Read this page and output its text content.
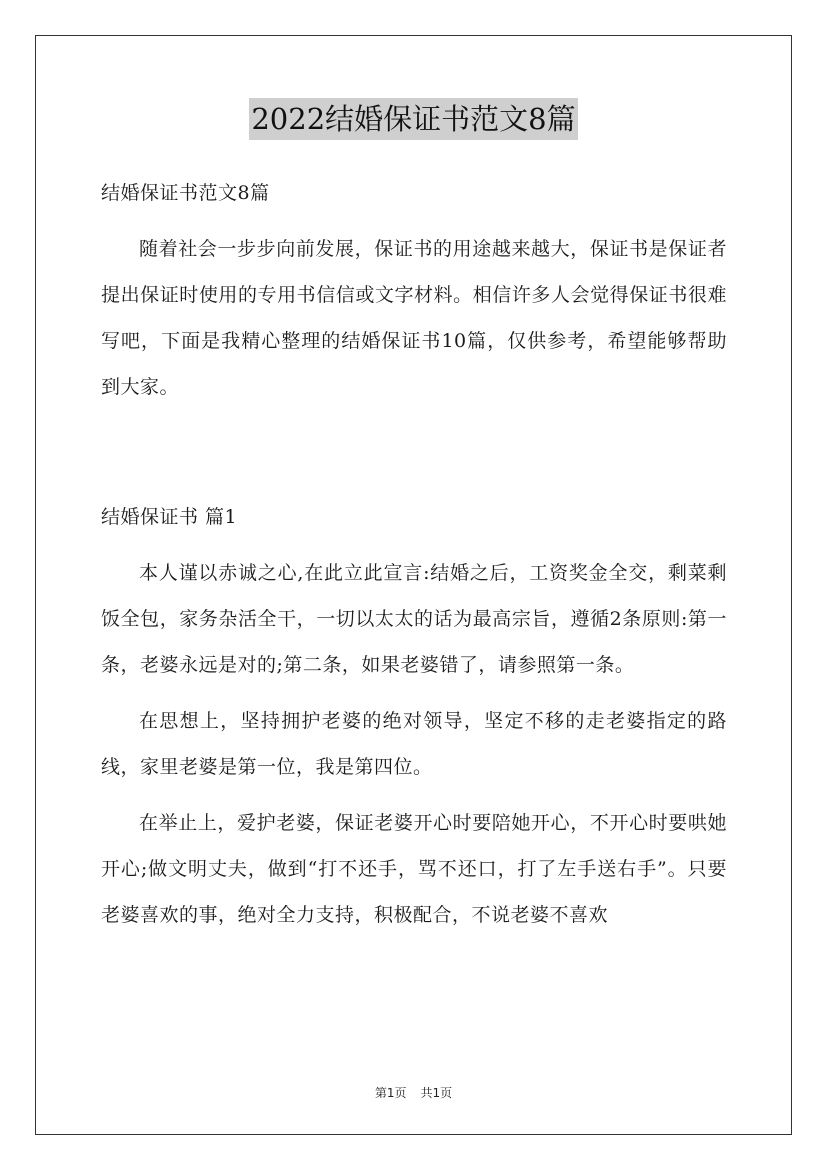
2022结婚保证书范文8篇

结婚保证书范文8篇

随着社会一步步向前发展，保证书的用途越来越大，保证书是保证者提出保证时使用的专用书信信或文字材料。相信许多人会觉得保证书很难写吧，下面是我精心整理的结婚保证书10篇，仅供参考，希望能够帮助到大家。

结婚保证书 篇1

本人谨以赤诚之心,在此立此宣言:结婚之后，工资奖金全交，剩菜剩饭全包，家务杂活全干，一切以太太的话为最高宗旨，遵循2条原则:第一条，老婆永远是对的;第二条，如果老婆错了，请参照第一条。

在思想上，坚持拥护老婆的绝对领导，坚定不移的走老婆指定的路线，家里老婆是第一位，我是第四位。

在举止上，爱护老婆，保证老婆开心时要陪她开心，不开心时要哄她开心;做文明丈夫，做到“打不还手，骂不还口，打了左手送右手”。只要老婆喜欢的事，绝对全力支持，积极配合，不说老婆不喜欢

第1页 共1页
